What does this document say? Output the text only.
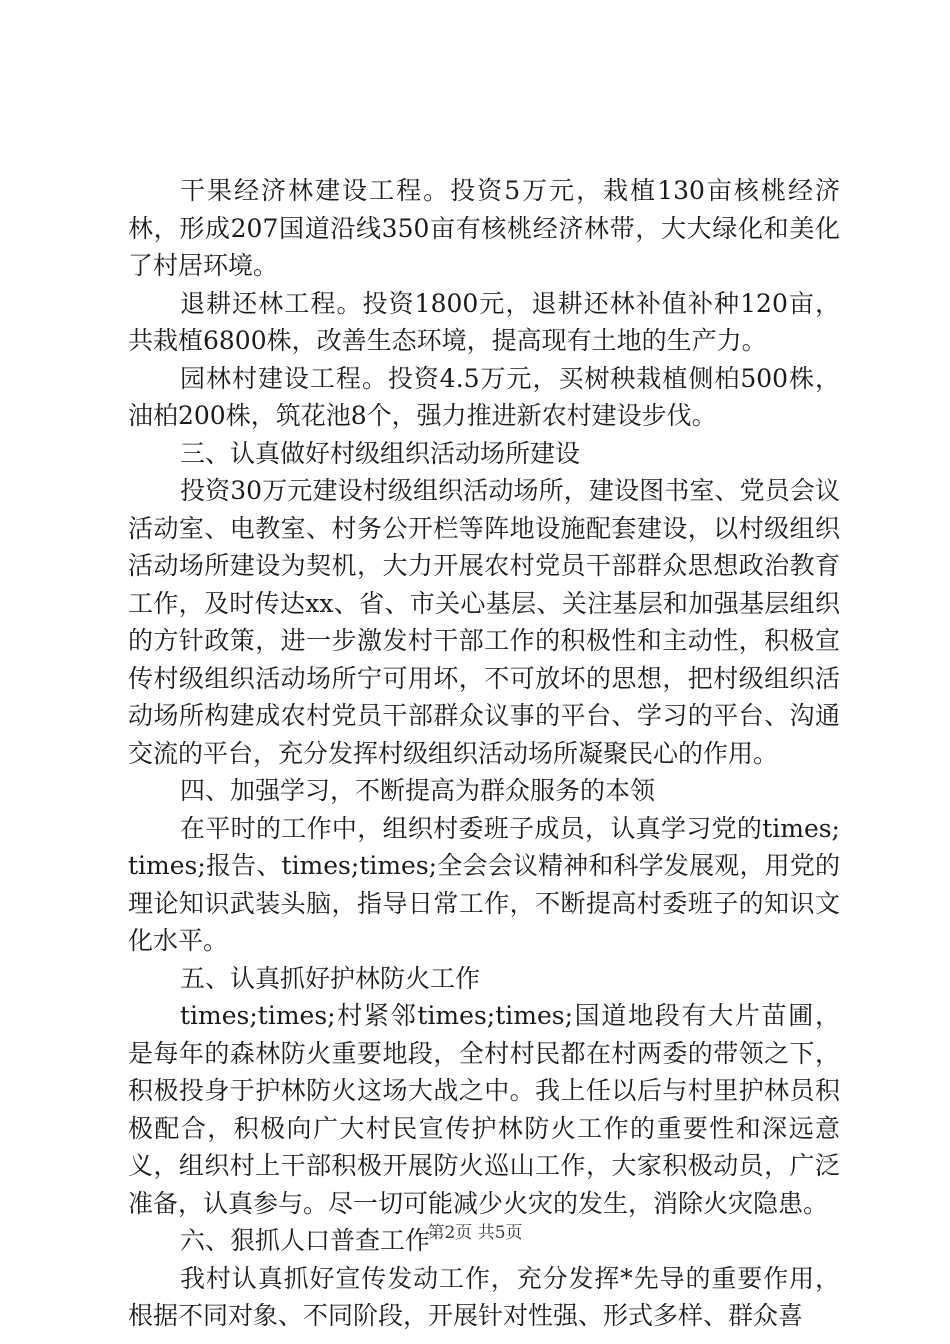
干果经济林建设工程。投资5万元，栽植130亩核桃经济林，形成207国道沿线350亩有核桃经济林带，大大绿化和美化了村居环境。

退耕还林工程。投资1800元，退耕还林补值补种120亩，共栽植6800株，改善生态环境，提高现有土地的生产力。

园林村建设工程。投资4.5万元，买树秧栽植侧柏500株，油柏200株，筑花池8个，强力推进新农村建设步伐。

三、认真做好村级组织活动场所建设

投资30万元建设村级组织活动场所，建设图书室、党员会议活动室、电教室、村务公开栏等阵地设施配套建设，以村级组织活动场所建设为契机，大力开展农村党员干部群众思想政治教育工作，及时传达xx、省、市关心基层、关注基层和加强基层组织的方针政策，进一步激发村干部工作的积极性和主动性，积极宣传村级组织活动场所宁可用坏，不可放坏的思想，把村级组织活动场所构建成农村党员干部群众议事的平台、学习的平台、沟通交流的平台，充分发挥村级组织活动场所凝聚民心的作用。

四、加强学习，不断提高为群众服务的本领

在平时的工作中，组织村委班子成员，认真学习党的times;times;报告、times;times;全会会议精神和科学发展观，用党的理论知识武装头脑，指导日常工作，不断提高村委班子的知识文化水平。

五、认真抓好护林防火工作

times;times;村紧邻times;times;国道地段有大片苗圃，是每年的森林防火重要地段，全村村民都在村两委的带领之下，积极投身于护林防火这场大战之中。我上任以后与村里护林员积极配合，积极向广大村民宣传护林防火工作的重要性和深远意义，组织村上干部积极开展防火巡山工作，大家积极动员，广泛准备，认真参与。尽一切可能减少火灾的发生，消除火灾隐患。

六、狠抓人口普查工作

我村认真抓好宣传发动工作，充分发挥*先导的重要作用，根据不同对象、不同阶段，开展针对性强、形式多样、群众喜

第2页 共5页
